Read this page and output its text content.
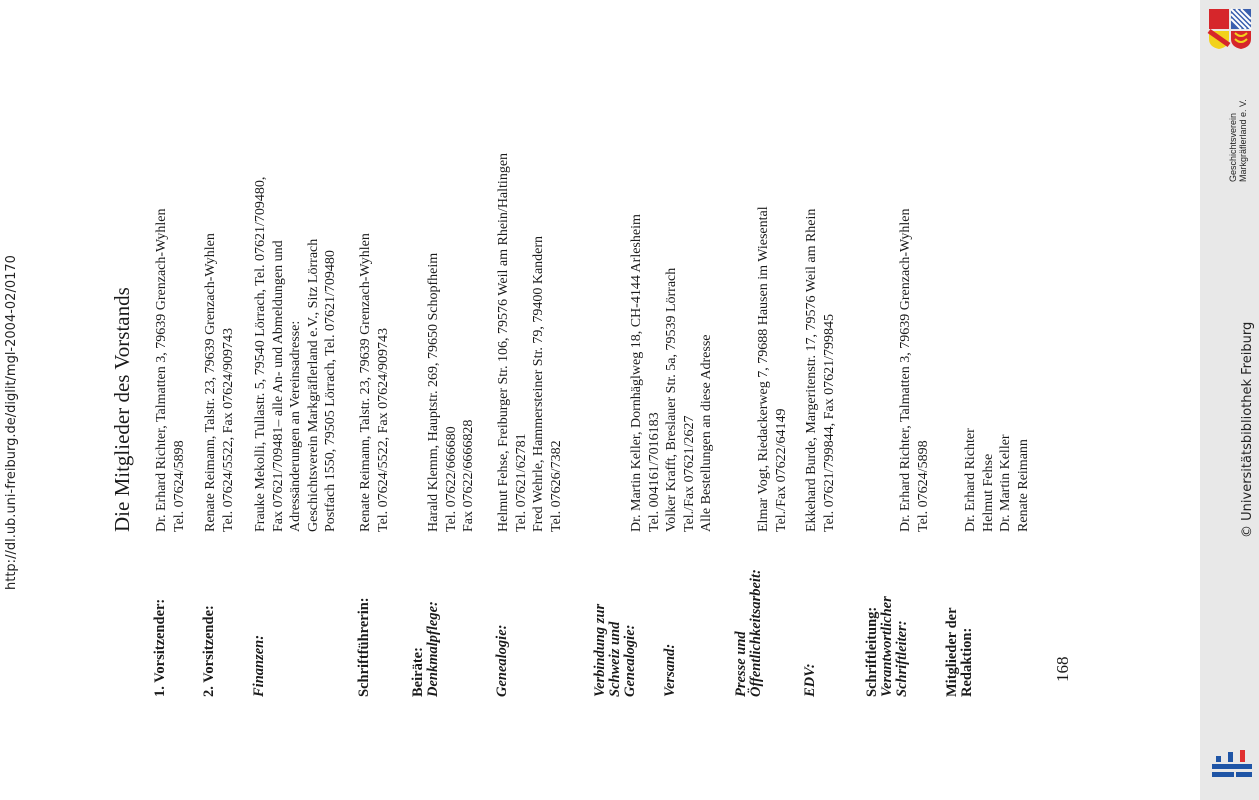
Die Mitglieder des Vorstands
1. Vorsitzender:
Dr. Erhard Richter, Talmatten 3, 79639 Grenzach-Wyhlen Tel. 07624/5898
2. Vorsitzende:
Renate Reimann, Talstr. 23, 79639 Grenzach-Wyhlen Tel. 07624/5522, Fax 07624/909743
Finanzen:
Frauke Mekolli, Tullastr. 5, 79540 Lörrach, Tel. 07621/709480, Fax 07621/709481– alle An- und Abmeldungen und Adressänderungen an Vereinsadresse: Geschichtsverein Markgräflerland e.V., Sitz Lörrach Postfach 1550, 79505 Lörrach, Tel. 07621/709480
Schriftführerin:
Renate Reimann, Talstr. 23, 79639 Grenzach-Wyhlen Tel. 07624/5522, Fax 07624/909743
Beiräte: Denkmalpflege:
Harald Klemm, Hauptstr. 269, 79650 Schopfheim Tel. 07622/666680 Fax 07622/6666828
Genealogie:
Helmut Fehse, Freiburger Str. 106, 79576 Weil am Rhein/Haltingen Tel. 07621/62781 Fred Wehrle, Hammersteiner Str. 79, 79400 Kandern Tel. 07626/7382
Verbindung zur Schweiz und Genealogie:
Dr. Martin Keller, Dornhäglweg 18, CH-4144 Arlesheim Tel. 004161/7016183
Versand:
Volker Krafft, Breslauer Str. 5a, 79539 Lörrach Tel./Fax 07621/2627 Alle Bestellungen an diese Adresse
Presse und Öffentlichkeitsarbeit:
Elmar Vogt, Riedackerweg 7, 79688 Hausen im Wiesental Tel./Fax 07622/64149
EDV:
Ekkehard Burde, Margeritenstr. 17, 79576 Weil am Rhein Tel. 07621/799844, Fax 07621/799845
Schriftleitung: Verantwortlicher Schriftleiter:
Dr. Erhard Richter, Talmatten 3, 79639 Grenzach-Wyhlen Tel. 07624/5898
Mitglieder der Redaktion:
Dr. Erhard Richter Helmut Fehse Dr. Martin Keller Renate Reimann
168
Geschichtsverein Markgräflerland e. V.
http://dl.ub.uni-freiburg.de/diglit/mgl-2004-02/0170	© Universitätsbibliothek Freiburg
